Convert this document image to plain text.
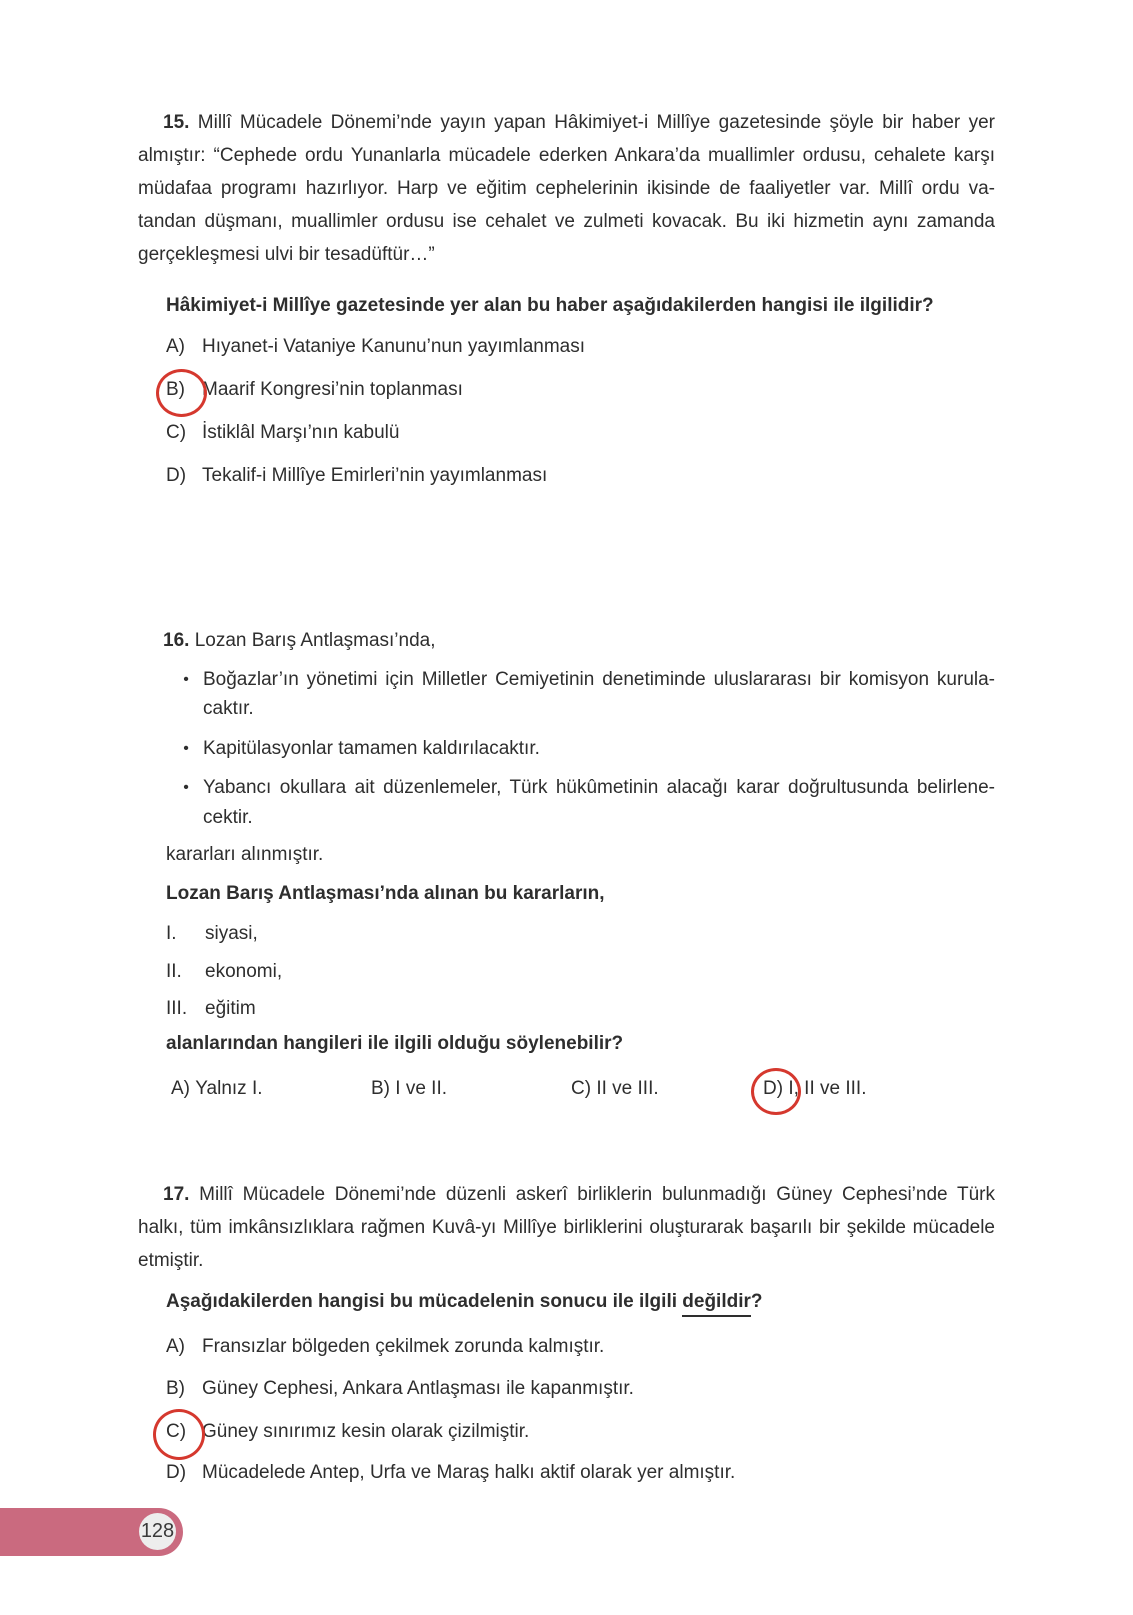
15. Millî Mücadele Dönemi’nde yayın yapan Hâkimiyet-i Millîye gazetesinde şöyle bir haber yer
almıştır: “Cephede ordu Yunanlarla mücadele ederken Ankara’da muallimler ordusu, cehalete karşı
müdafaa programı hazırlıyor. Harp ve eğitim cephelerinin ikisinde de faaliyetler var. Millî ordu va-
tandan düşmanı, muallimler ordusu ise cehalet ve zulmeti kovacak. Bu iki hizmetin aynı zamanda
gerçekleşmesi ulvi bir tesadüftür…”
Hâkimiyet-i Millîye gazetesinde yer alan bu haber aşağıdakilerden hangisi ile ilgilidir?
A) Hıyanet-i Vataniye Kanunu’nun yayımlanması
B) Maarif Kongresi’nin toplanması
C) İstiklâl Marşı’nın kabulü
D) Tekalif-i Millîye Emirleri’nin yayımlanması
16. Lozan Barış Antlaşması’nda,
• Boğazlar’ın yönetimi için Milletler Cemiyetinin denetiminde uluslararası bir komisyon kurula-
caktır.
• Kapitülasyonlar tamamen kaldırılacaktır.
• Yabancı okullara ait düzenlemeler, Türk hükûmetinin alacağı karar doğrultusunda belirlene-
cektir.
kararları alınmıştır.
Lozan Barış Antlaşması’nda alınan bu kararların,
I. siyasi,
II. ekonomi,
III. eğitim
alanlarından hangileri ile ilgili olduğu söylenebilir?
A) Yalnız I.	B) I ve II.	C) II ve III.	D) I, II ve III.
17. Millî Mücadele Dönemi’nde düzenli askerî birliklerin bulunmadığı Güney Cephesi’nde Türk
halkı, tüm imkânsızlıklara rağmen Kuvâ-yı Millîye birliklerini oluşturarak başarılı bir şekilde mücadele
etmiştir.
Aşağıdakilerden hangisi bu mücadelenin sonucu ile ilgili değildir?
A) Fransızlar bölgeden çekilmek zorunda kalmıştır.
B) Güney Cephesi, Ankara Antlaşması ile kapanmıştır.
C) Güney sınırımız kesin olarak çizilmiştir.
D) Mücadelede Antep, Urfa ve Maraş halkı aktif olarak yer almıştır.
128
